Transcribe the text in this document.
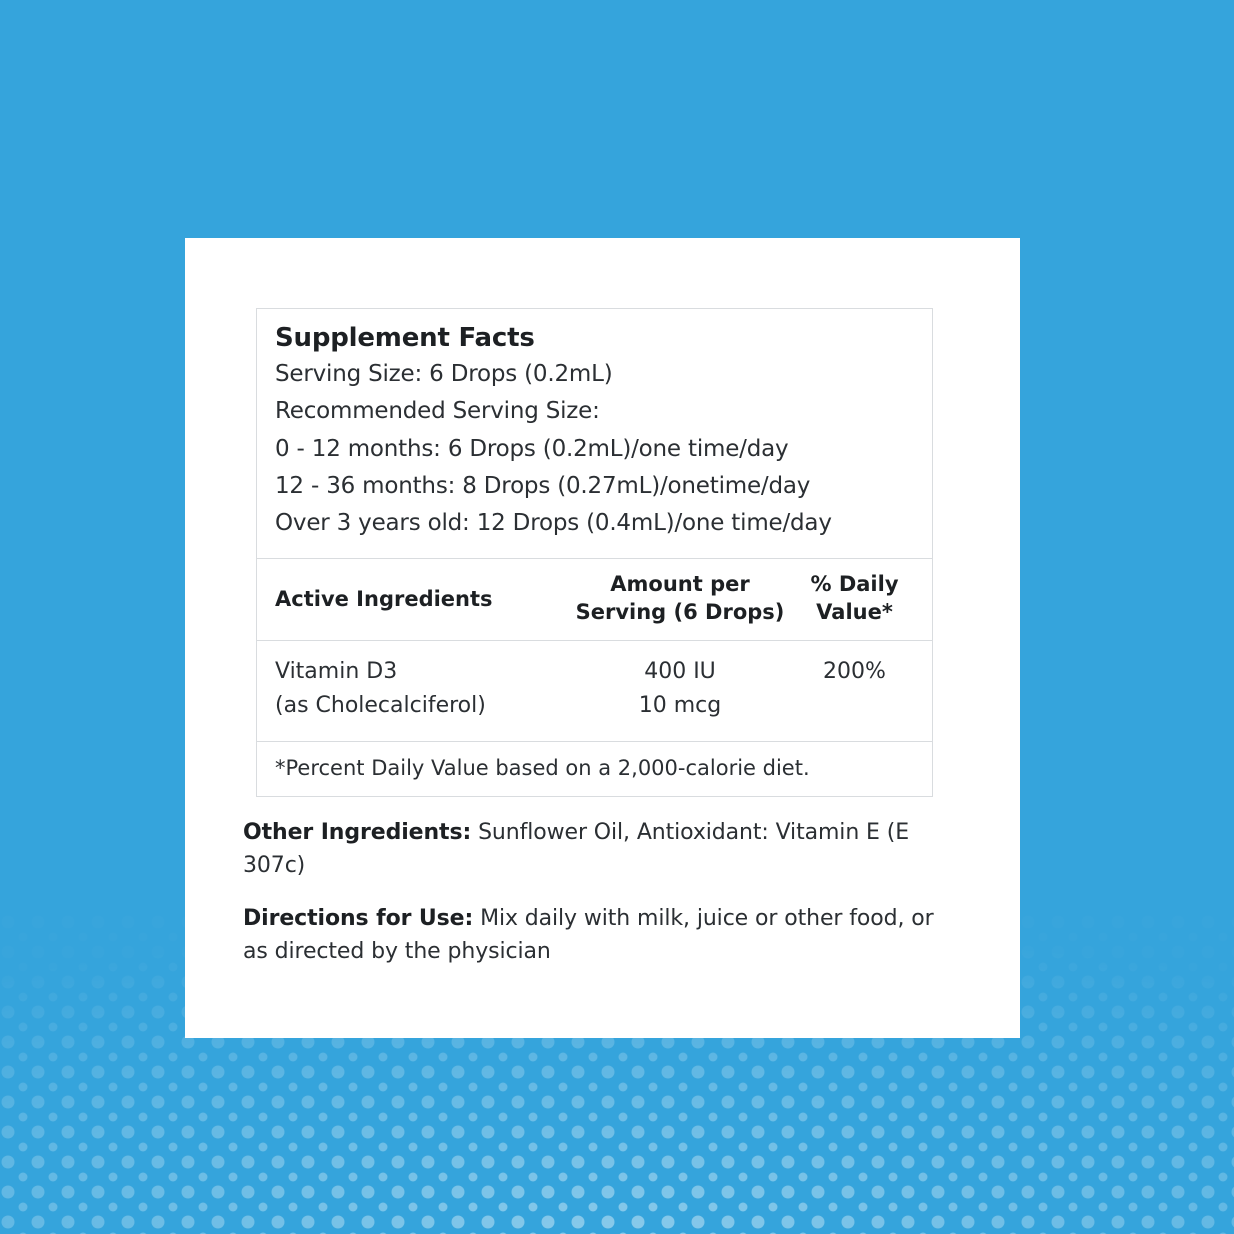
Supplement Facts
Serving Size: 6 Drops (0.2mL)
Recommended Serving Size:
0 - 12 months: 6 Drops (0.2mL)/one time/day
12 - 36 months: 8 Drops (0.27mL)/onetime/day
Over 3 years old: 12 Drops (0.4mL)/one time/day
Active Ingredients
Amount per
Serving (6 Drops)
% Daily
Value*
Vitamin D3
(as Cholecalciferol)
400 IU
10 mcg
200%
*Percent Daily Value based on a 2,000-calorie diet.
Other Ingredients: Sunflower Oil, Antioxidant: Vitamin E (E 307c)
Directions for Use: Mix daily with milk, juice or other food, or as directed by the physician
